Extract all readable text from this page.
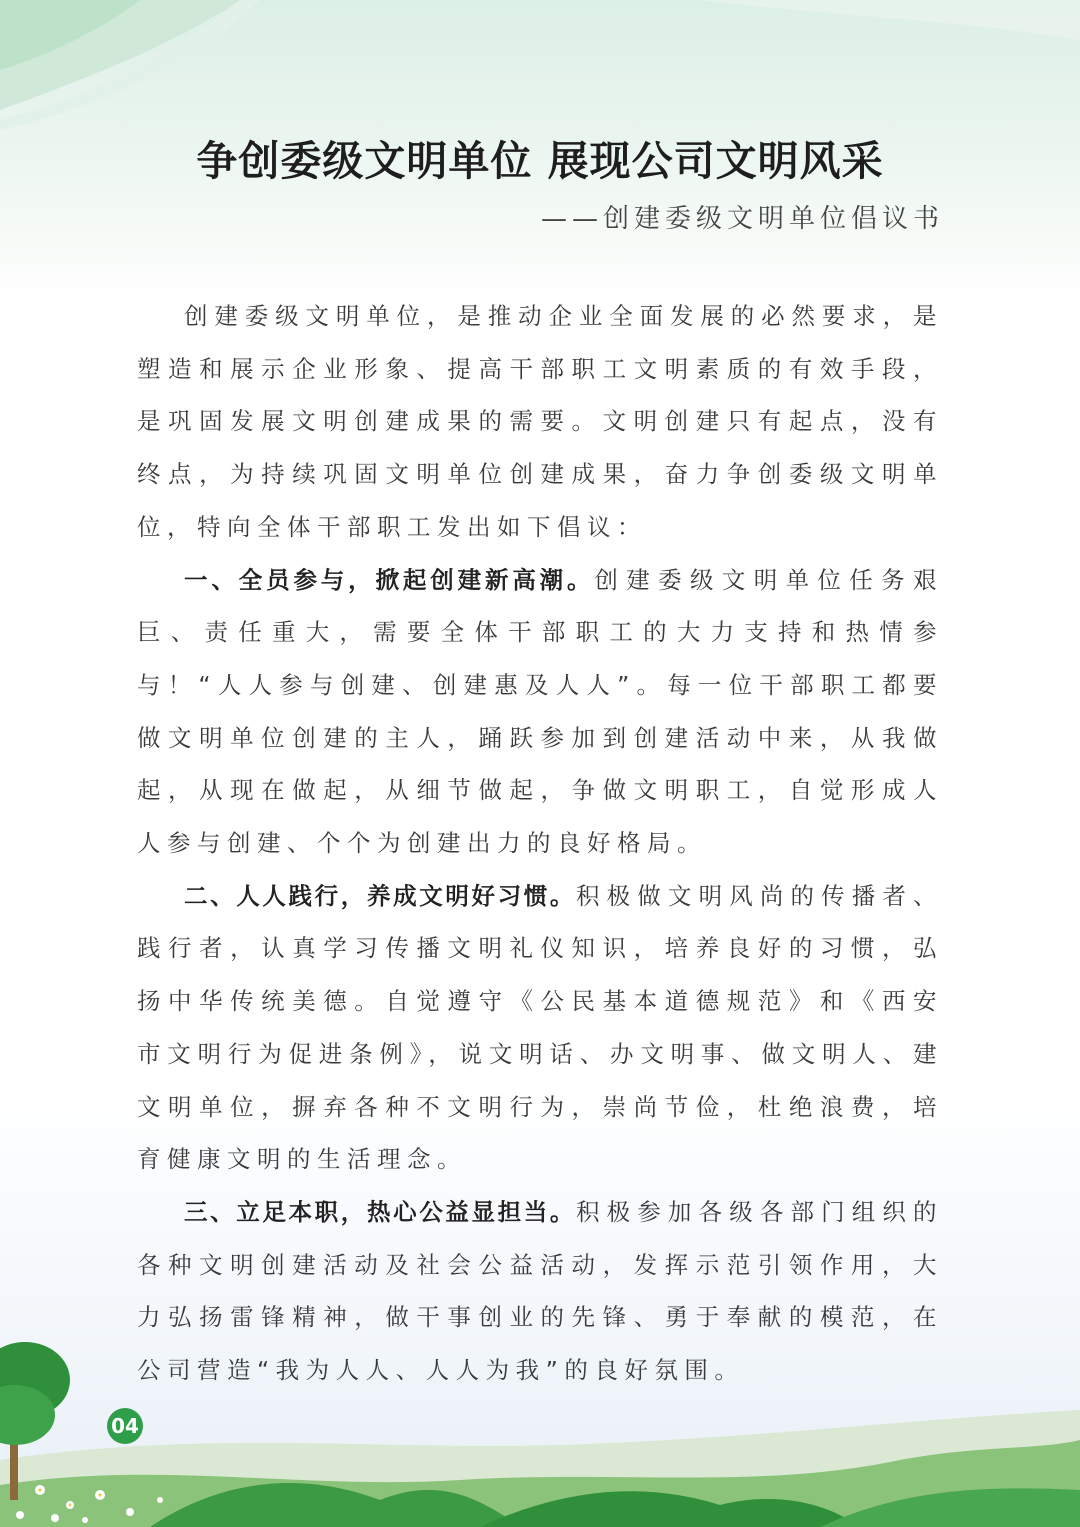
争创委级文明单位 展现公司文明风采
——创建委级文明单位倡议书

创建委级文明单位，是推动企业全面发展的必然要求，是塑造和展示企业形象、提高干部职工文明素质的有效手段，是巩固发展文明创建成果的需要。文明创建只有起点，没有终点，为持续巩固文明单位创建成果，奋力争创委级文明单位，特向全体干部职工发出如下倡议：

一、全员参与，掀起创建新高潮。创建委级文明单位任务艰巨、责任重大，需要全体干部职工的大力支持和热情参与！“人人参与创建、创建惠及人人”。每一位干部职工都要做文明单位创建的主人，踊跃参加到创建活动中来，从我做起，从现在做起，从细节做起，争做文明职工，自觉形成人人参与创建、个个为创建出力的良好格局。

二、人人践行，养成文明好习惯。积极做文明风尚的传播者、践行者，认真学习传播文明礼仪知识，培养良好的习惯，弘扬中华传统美德。自觉遵守《公民基本道德规范》和《西安市文明行为促进条例》，说文明话、办文明事、做文明人、建文明单位，摒弃各种不文明行为，崇尚节俭，杜绝浪费，培育健康文明的生活理念。

三、立足本职，热心公益显担当。积极参加各级各部门组织的各种文明创建活动及社会公益活动，发挥示范引领作用，大力弘扬雷锋精神，做干事创业的先锋、勇于奉献的模范，在公司营造“我为人人、人人为我”的良好氛围。

04
